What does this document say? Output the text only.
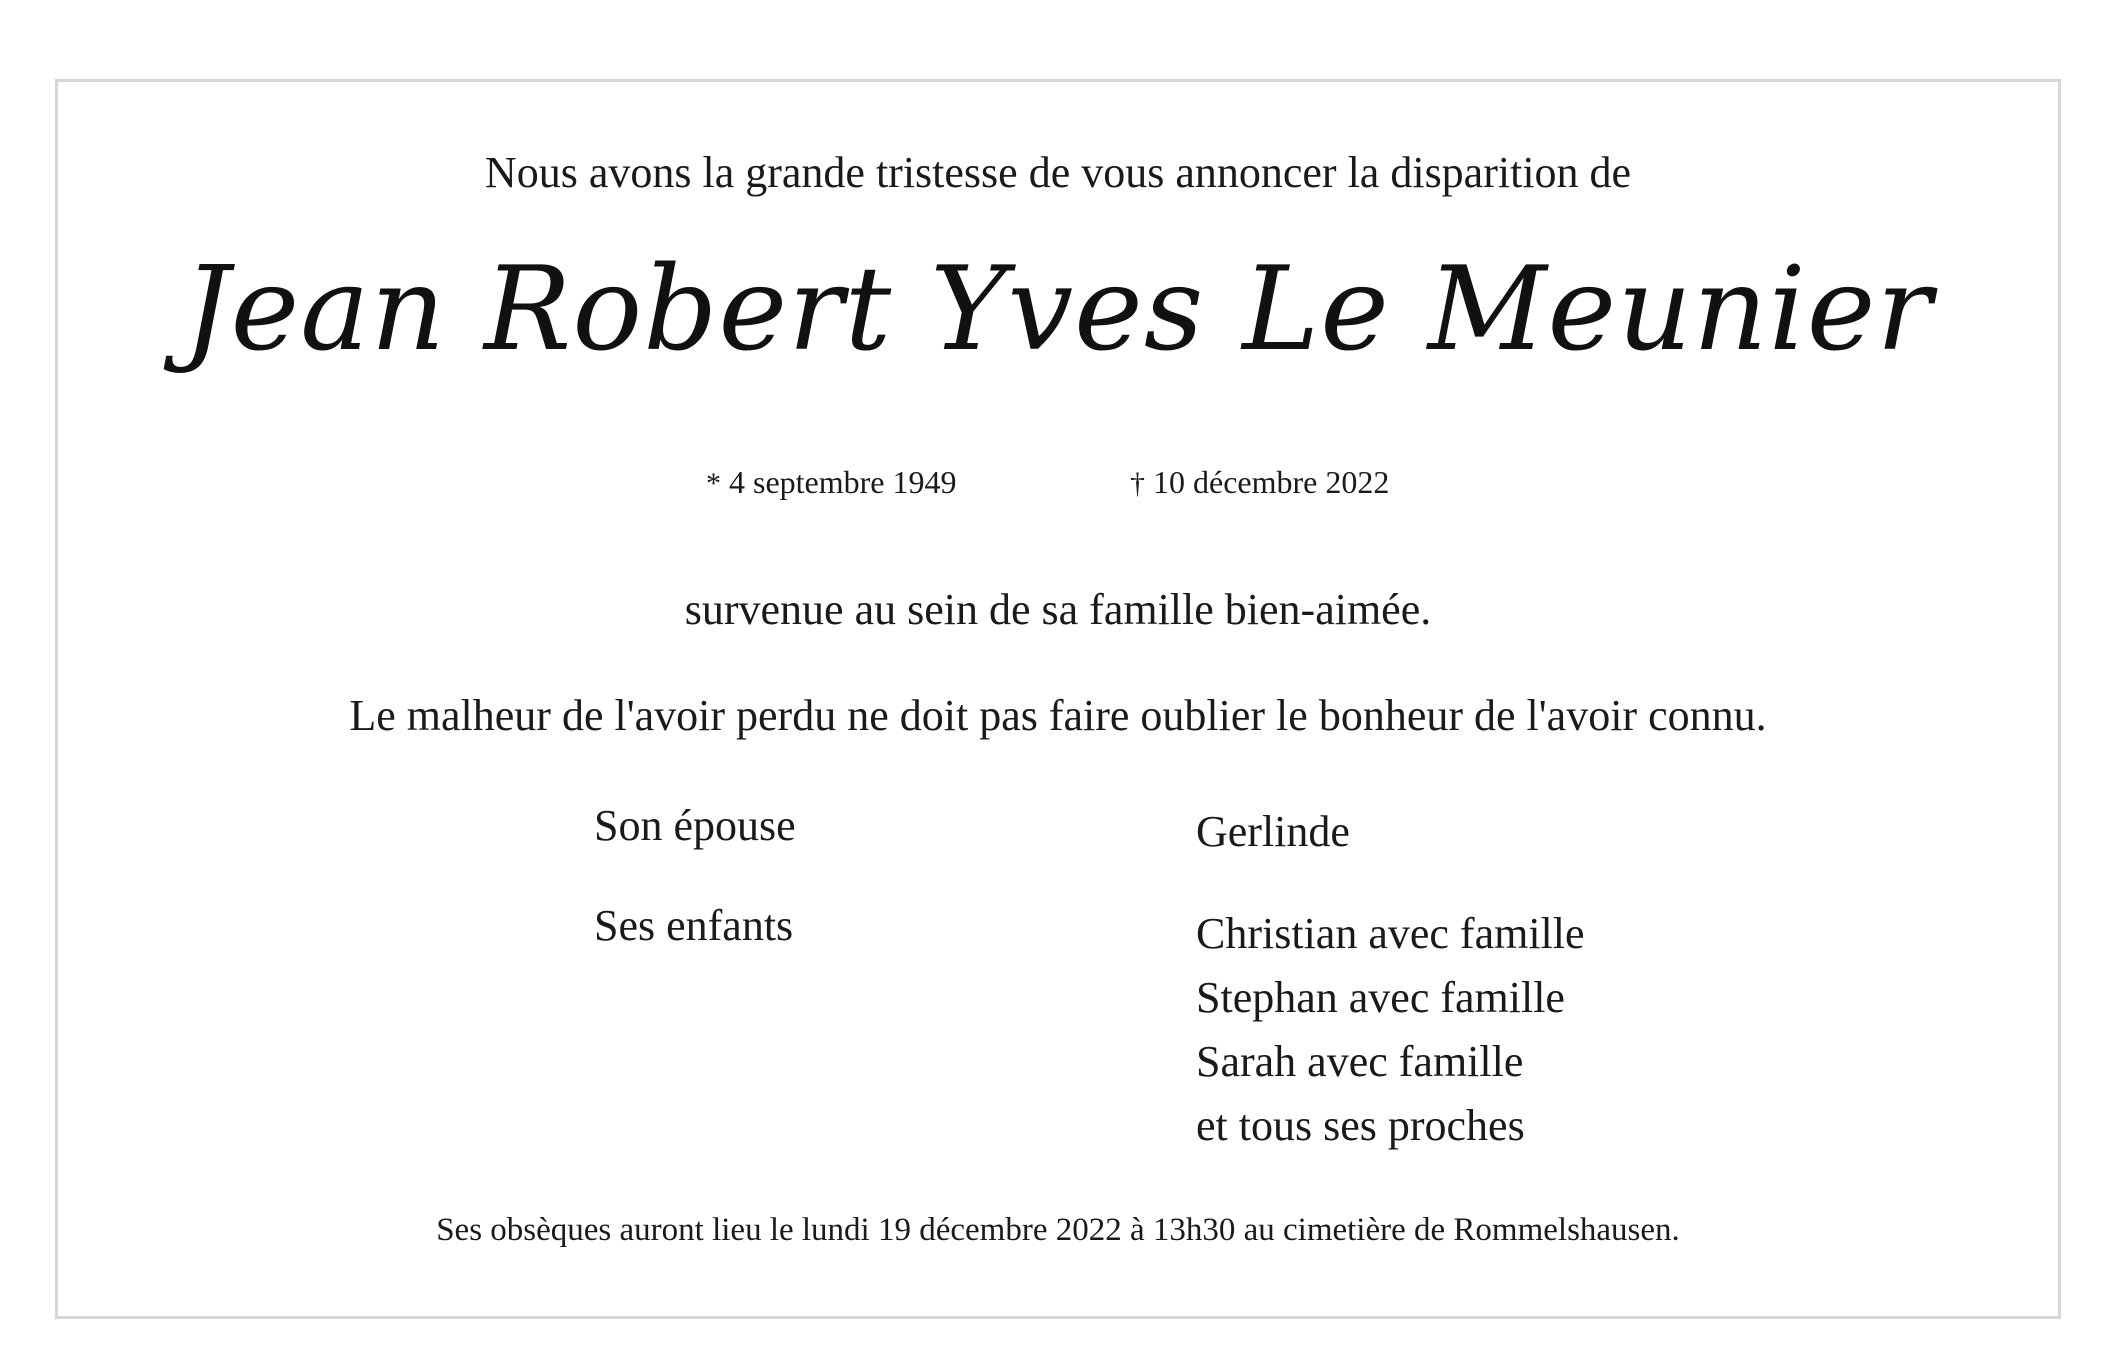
Nous avons la grande tristesse de vous annoncer la disparition de
Jean Robert Yves Le Meunier
* 4 septembre 1949	† 10 décembre 2022
survenue au sein de sa famille bien-aimée.
Le malheur de l'avoir perdu ne doit pas faire oublier le bonheur de l'avoir connu.
Son épouse	Gerlinde
Ses enfants	Christian avec famille
Stephan avec famille
Sarah avec famille
et tous ses proches
Ses obsèques auront lieu le lundi 19 décembre 2022 à 13h30 au cimetière de Rommelshausen.
